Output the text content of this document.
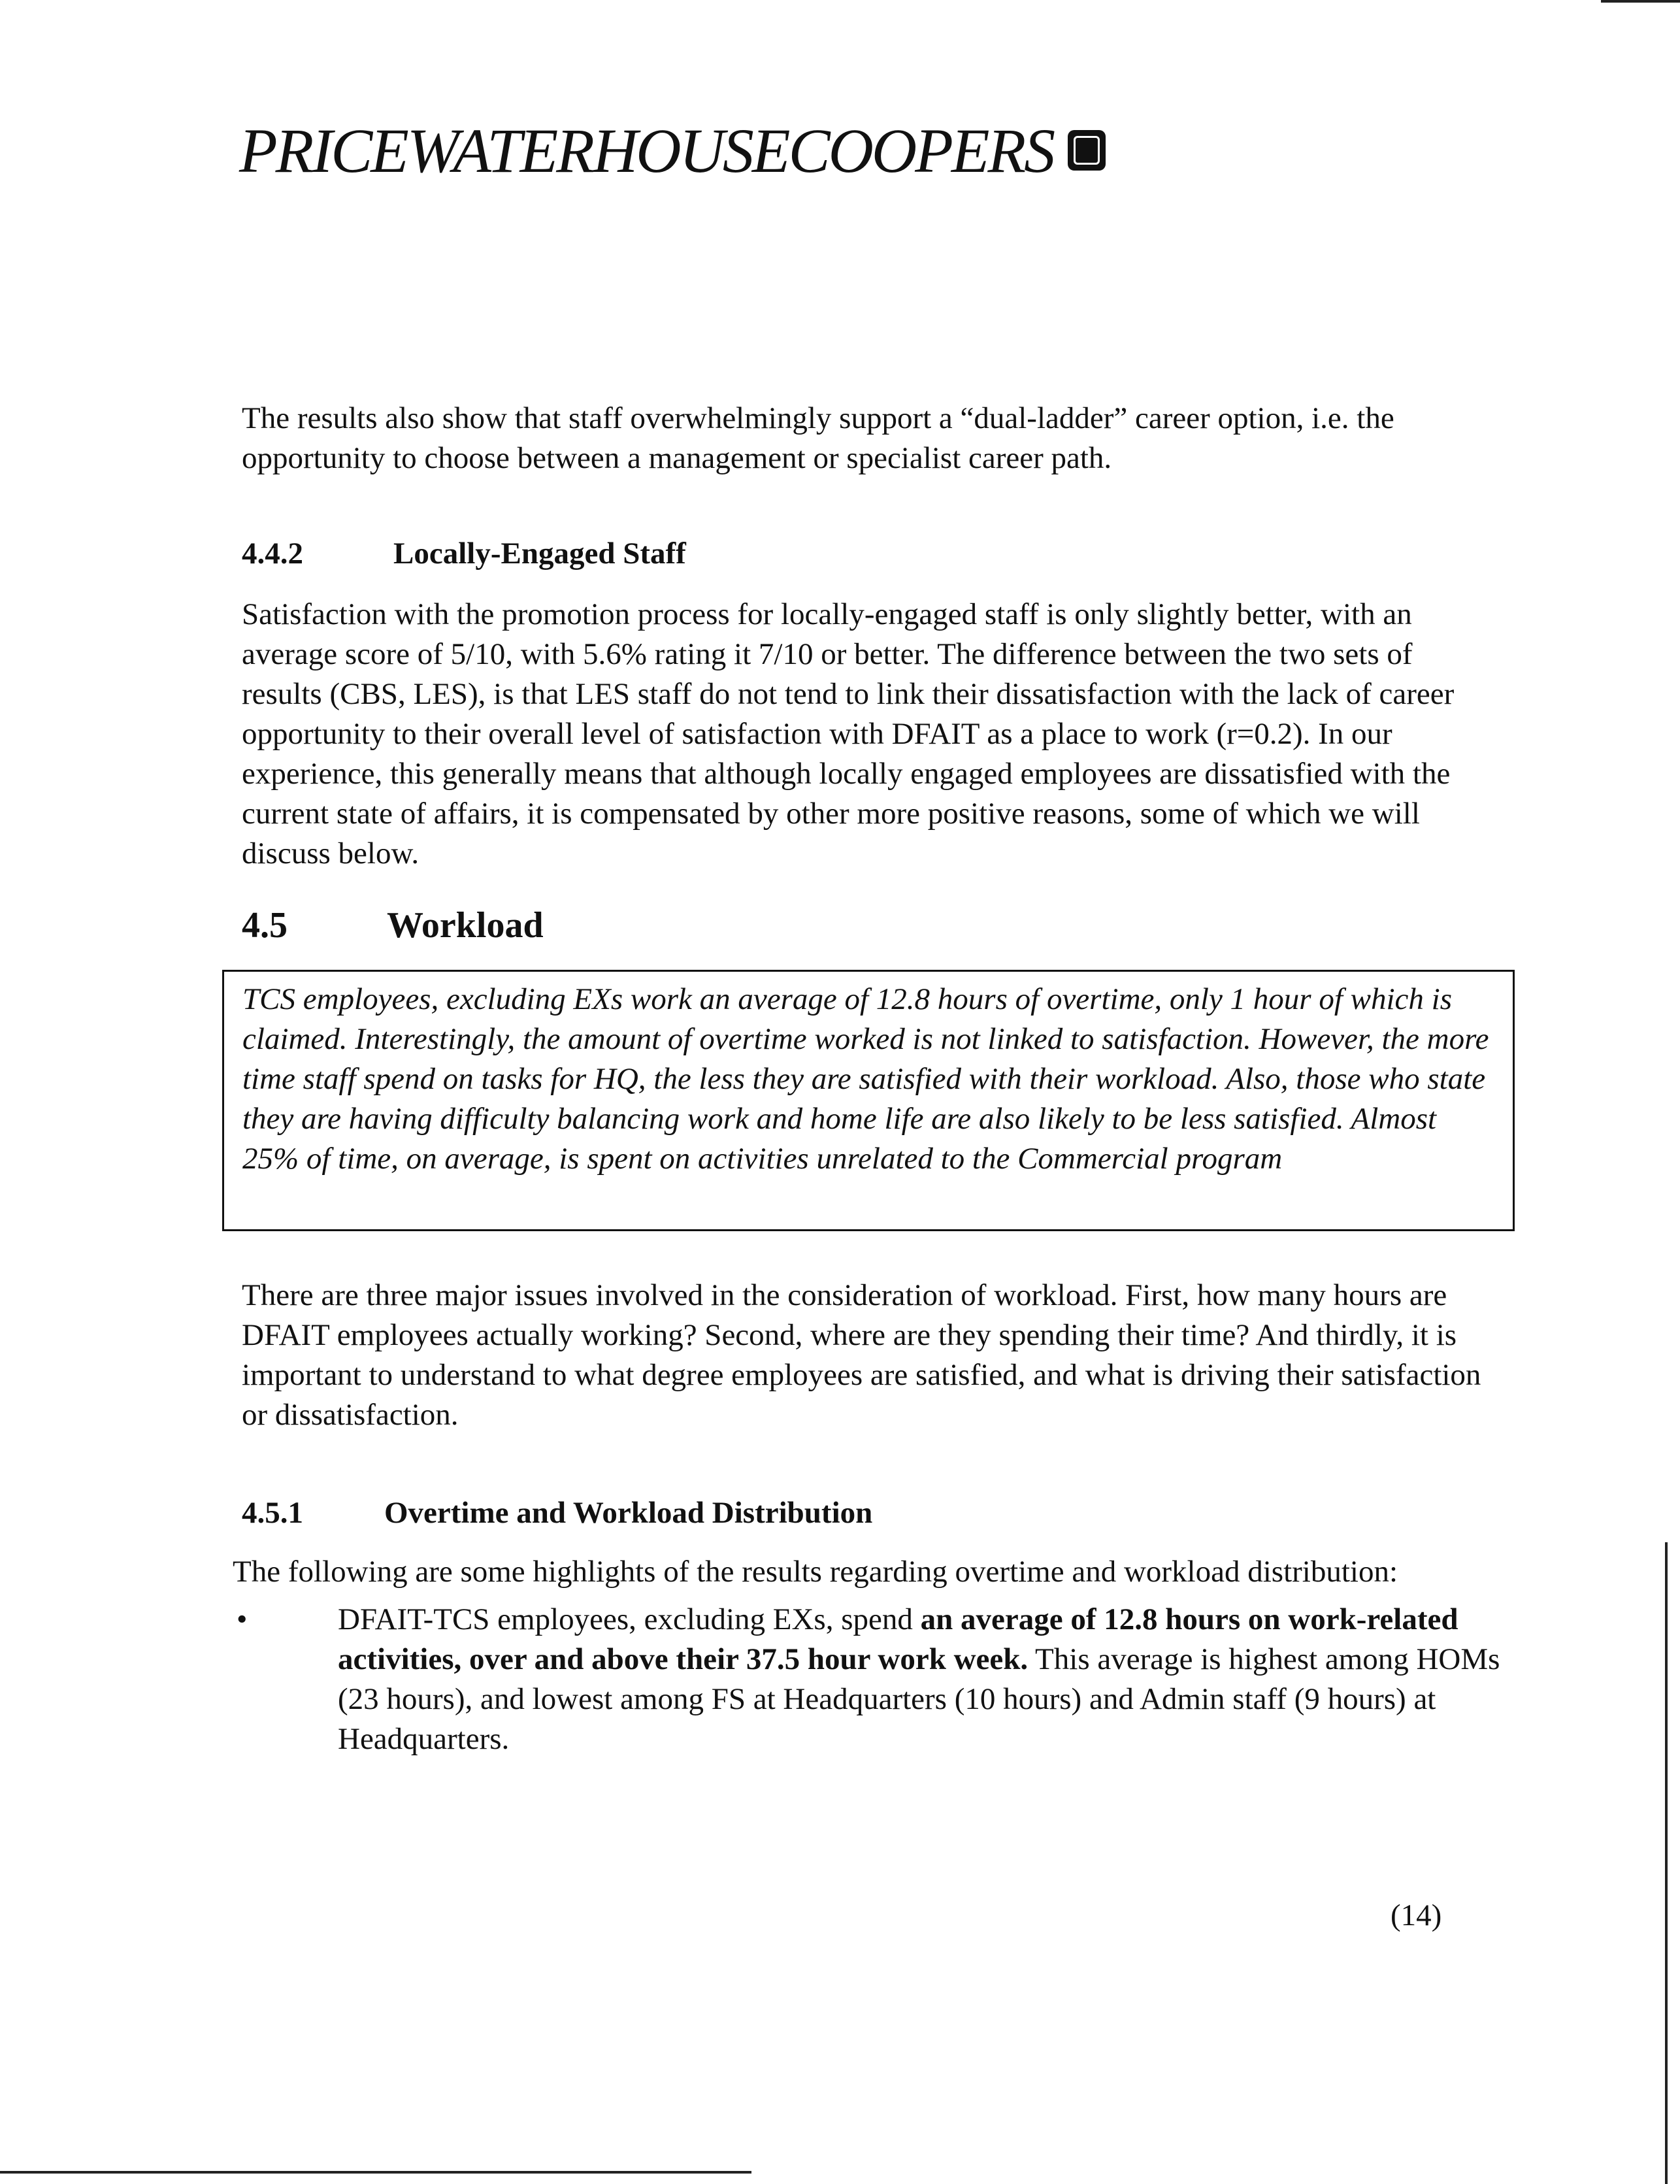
PRICEWATERHOUSECOOPERS

The results also show that staff overwhelmingly support a “dual-ladder” career option, i.e. the opportunity to choose between a management or specialist career path.

4.4.2	Locally-Engaged Staff

Satisfaction with the promotion process for locally-engaged staff is only slightly better, with an average score of 5/10, with 5.6% rating it 7/10 or better. The difference between the two sets of results (CBS, LES), is that LES staff do not tend to link their dissatisfaction with the lack of career opportunity to their overall level of satisfaction with DFAIT as a place to work (r=0.2). In our experience, this generally means that although locally engaged employees are dissatisfied with the current state of affairs, it is compensated by other more positive reasons, some of which we will discuss below.

4.5	Workload

TCS employees, excluding EXs work an average of 12.8 hours of overtime, only 1 hour of which is claimed. Interestingly, the amount of overtime worked is not linked to satisfaction. However, the more time staff spend on tasks for HQ, the less they are satisfied with their workload. Also, those who state they are having difficulty balancing work and home life are also likely to be less satisfied. Almost 25% of time, on average, is spent on activities unrelated to the Commercial program

There are three major issues involved in the consideration of workload. First, how many hours are DFAIT employees actually working? Second, where are they spending their time? And thirdly, it is important to understand to what degree employees are satisfied, and what is driving their satisfaction or dissatisfaction.

4.5.1	Overtime and Workload Distribution

The following are some highlights of the results regarding overtime and workload distribution:

•	DFAIT-TCS employees, excluding EXs, spend an average of 12.8 hours on work-related activities, over and above their 37.5 hour work week. This average is highest among HOMs (23 hours), and lowest among FS at Headquarters (10 hours) and Admin staff (9 hours) at Headquarters.
(14)
